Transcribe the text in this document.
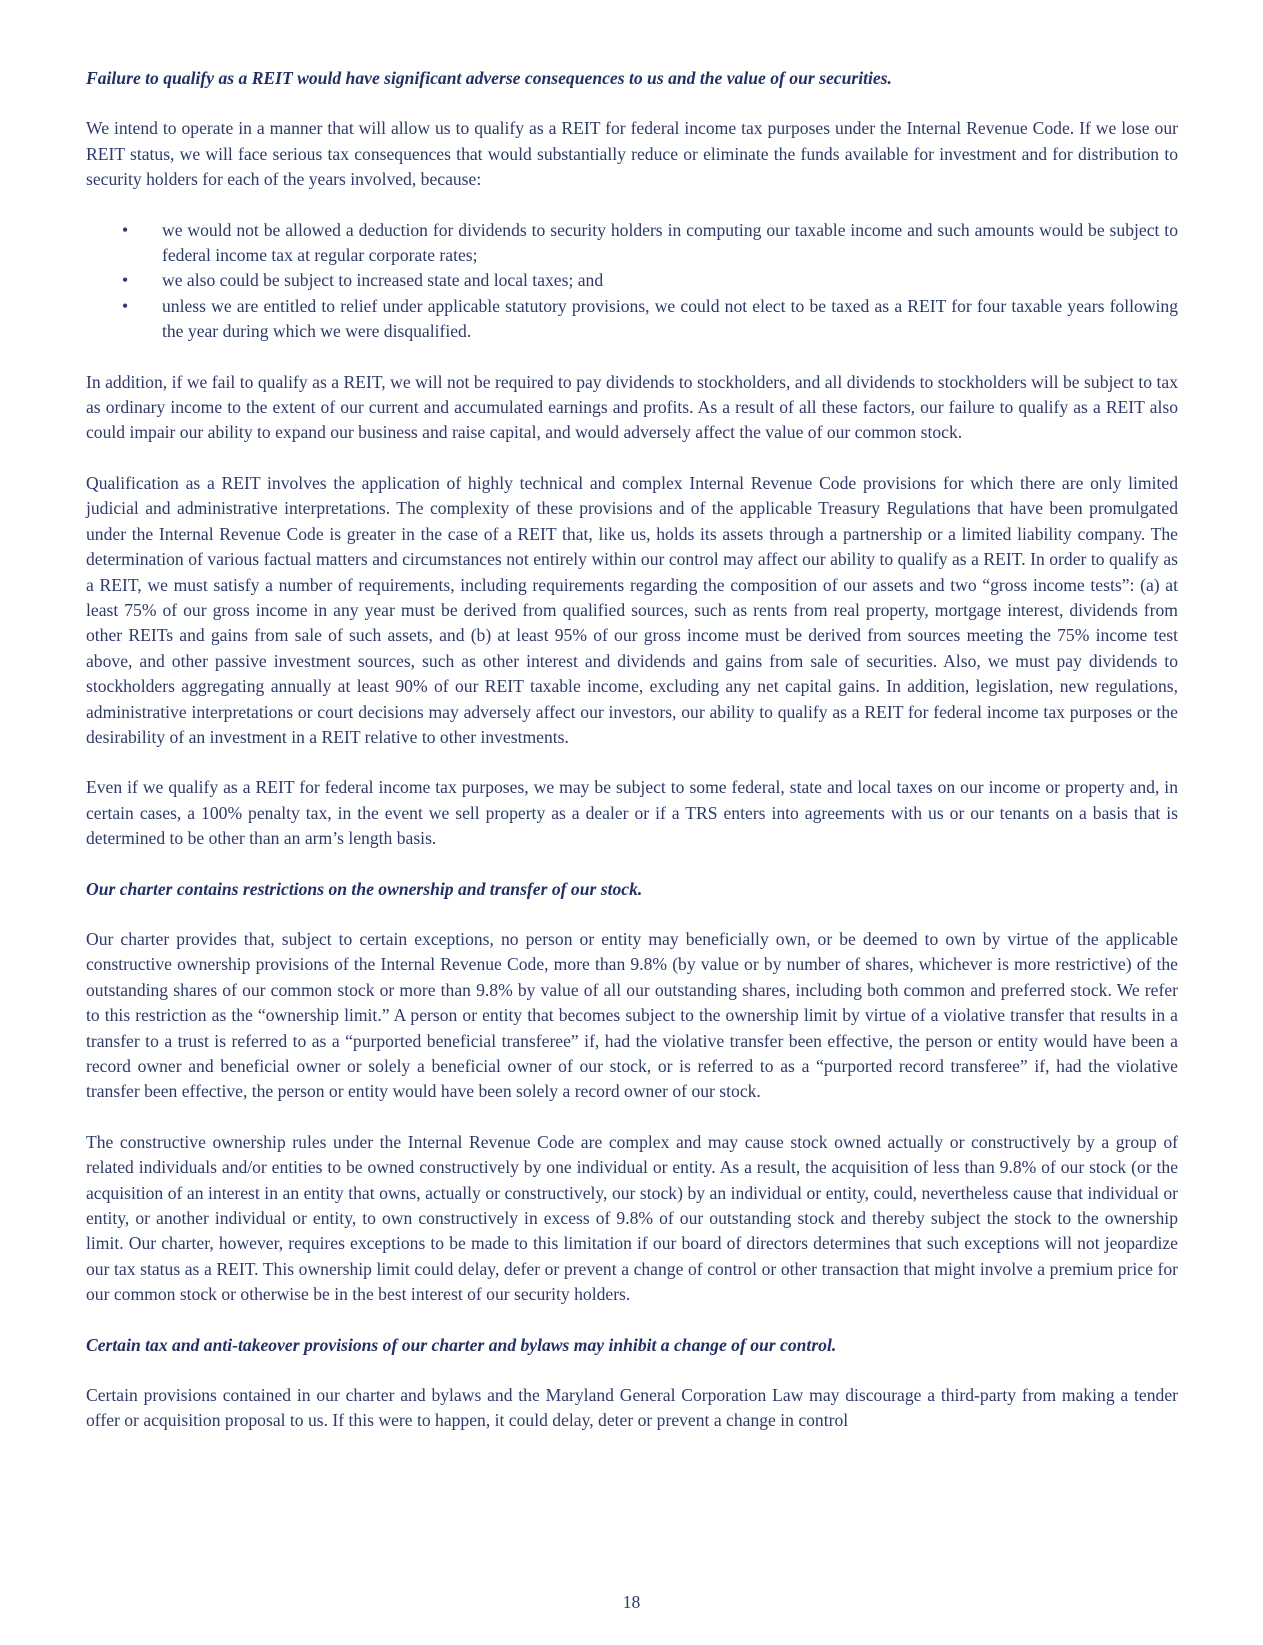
Failure to qualify as a REIT would have significant adverse consequences to us and the value of our securities.

We intend to operate in a manner that will allow us to qualify as a REIT for federal income tax purposes under the Internal Revenue Code. If we lose our REIT status, we will face serious tax consequences that would substantially reduce or eliminate the funds available for investment and for distribution to security holders for each of the years involved, because:

• we would not be allowed a deduction for dividends to security holders in computing our taxable income and such amounts would be subject to federal income tax at regular corporate rates;
• we also could be subject to increased state and local taxes; and
• unless we are entitled to relief under applicable statutory provisions, we could not elect to be taxed as a REIT for four taxable years following the year during which we were disqualified.

In addition, if we fail to qualify as a REIT, we will not be required to pay dividends to stockholders, and all dividends to stockholders will be subject to tax as ordinary income to the extent of our current and accumulated earnings and profits. As a result of all these factors, our failure to qualify as a REIT also could impair our ability to expand our business and raise capital, and would adversely affect the value of our common stock.

Qualification as a REIT involves the application of highly technical and complex Internal Revenue Code provisions for which there are only limited judicial and administrative interpretations. The complexity of these provisions and of the applicable Treasury Regulations that have been promulgated under the Internal Revenue Code is greater in the case of a REIT that, like us, holds its assets through a partnership or a limited liability company. The determination of various factual matters and circumstances not entirely within our control may affect our ability to qualify as a REIT. In order to qualify as a REIT, we must satisfy a number of requirements, including requirements regarding the composition of our assets and two “gross income tests”: (a) at least 75% of our gross income in any year must be derived from qualified sources, such as rents from real property, mortgage interest, dividends from other REITs and gains from sale of such assets, and (b) at least 95% of our gross income must be derived from sources meeting the 75% income test above, and other passive investment sources, such as other interest and dividends and gains from sale of securities. Also, we must pay dividends to stockholders aggregating annually at least 90% of our REIT taxable income, excluding any net capital gains. In addition, legislation, new regulations, administrative interpretations or court decisions may adversely affect our investors, our ability to qualify as a REIT for federal income tax purposes or the desirability of an investment in a REIT relative to other investments.

Even if we qualify as a REIT for federal income tax purposes, we may be subject to some federal, state and local taxes on our income or property and, in certain cases, a 100% penalty tax, in the event we sell property as a dealer or if a TRS enters into agreements with us or our tenants on a basis that is determined to be other than an arm’s length basis.

Our charter contains restrictions on the ownership and transfer of our stock.

Our charter provides that, subject to certain exceptions, no person or entity may beneficially own, or be deemed to own by virtue of the applicable constructive ownership provisions of the Internal Revenue Code, more than 9.8% (by value or by number of shares, whichever is more restrictive) of the outstanding shares of our common stock or more than 9.8% by value of all our outstanding shares, including both common and preferred stock. We refer to this restriction as the “ownership limit.” A person or entity that becomes subject to the ownership limit by virtue of a violative transfer that results in a transfer to a trust is referred to as a “purported beneficial transferee” if, had the violative transfer been effective, the person or entity would have been a record owner and beneficial owner or solely a beneficial owner of our stock, or is referred to as a “purported record transferee” if, had the violative transfer been effective, the person or entity would have been solely a record owner of our stock.

The constructive ownership rules under the Internal Revenue Code are complex and may cause stock owned actually or constructively by a group of related individuals and/or entities to be owned constructively by one individual or entity. As a result, the acquisition of less than 9.8% of our stock (or the acquisition of an interest in an entity that owns, actually or constructively, our stock) by an individual or entity, could, nevertheless cause that individual or entity, or another individual or entity, to own constructively in excess of 9.8% of our outstanding stock and thereby subject the stock to the ownership limit. Our charter, however, requires exceptions to be made to this limitation if our board of directors determines that such exceptions will not jeopardize our tax status as a REIT. This ownership limit could delay, defer or prevent a change of control or other transaction that might involve a premium price for our common stock or otherwise be in the best interest of our security holders.

Certain tax and anti-takeover provisions of our charter and bylaws may inhibit a change of our control.

Certain provisions contained in our charter and bylaws and the Maryland General Corporation Law may discourage a third-party from making a tender offer or acquisition proposal to us. If this were to happen, it could delay, deter or prevent a change in control

18
